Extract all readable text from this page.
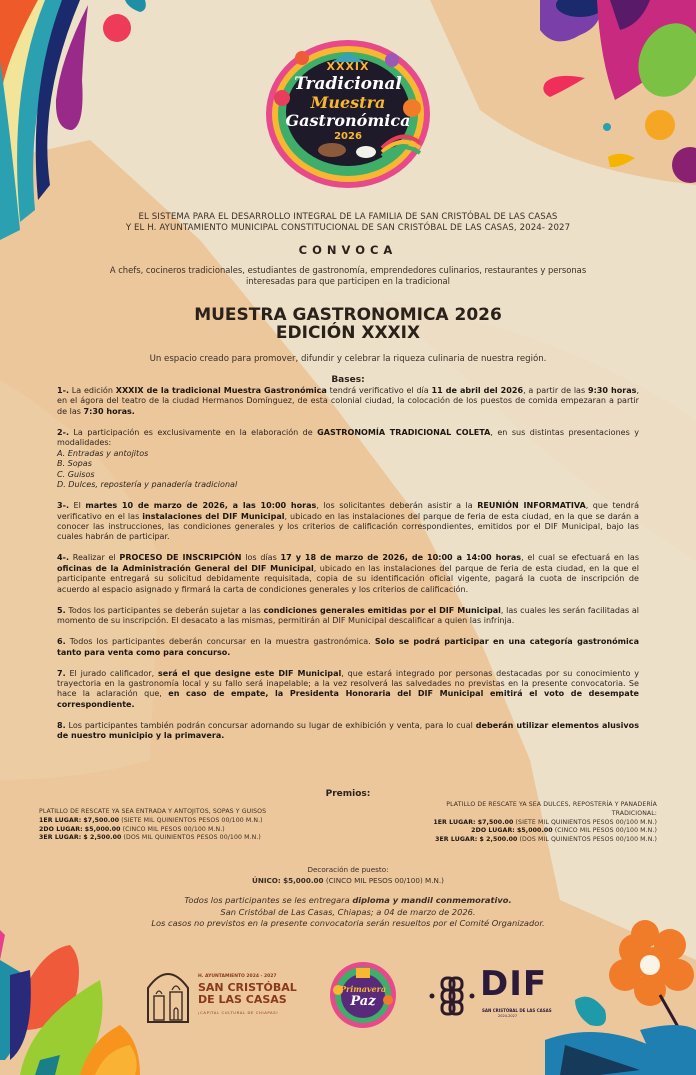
XXXIX
Tradicional
Muestra
Gastronómica
2026
EL SISTEMA PARA EL DESARROLLO INTEGRAL DE LA FAMILIA DE SAN CRISTÓBAL DE LAS CASAS
Y EL H. AYUNTAMIENTO MUNICIPAL CONSTITUCIONAL DE SAN CRISTÓBAL DE LAS CASAS, 2024- 2027
CONVOCA
A chefs, cocineros tradicionales, estudiantes de gastronomía, emprendedores culinarios, restaurantes y personas
interesadas para que participen en la tradicional
MUESTRA GASTRONOMICA 2026
EDICIÓN XXXIX
Un espacio creado para promover, difundir y celebrar la riqueza culinaria de nuestra región.
Bases:

1-. La edición XXXIX de la tradicional Muestra Gastronómica tendrá verificativo el día 11 de abril del 2026, a partir de las 9:30 horas, en el ágora del teatro de la ciudad Hermanos Domínguez, de esta colonial ciudad, la colocación de los puestos de comida empezaran a partir de las 7:30 horas.

2-. La participación es exclusivamente en la elaboración de GASTRONOMÍA TRADICIONAL COLETA, en sus distintas presentaciones y modalidades:
A. Entradas y antojitos
B. Sopas
C. Guisos
D. Dulces, repostería y panadería tradicional

3-. El martes 10 de marzo de 2026, a las 10:00 horas, los solicitantes deberán asistir a la REUNIÓN INFORMATIVA, que tendrá verificativo en el las instalaciones del DIF Municipal, ubicado en las instalaciones del parque de feria de esta ciudad, en la que se darán a conocer las instrucciones, las condiciones generales y los criterios de calificación correspondientes, emitidos por el DIF Municipal, bajo las cuales habrán de participar.

4-. Realizar el PROCESO DE INSCRIPCIÓN los días 17 y 18 de marzo de 2026, de 10:00 a 14:00 horas, el cual se efectuará en las oficinas de la Administración General del DIF Municipal, ubicado en las instalaciones del parque de feria de esta ciudad, en la que el participante entregará su solicitud debidamente requisitada, copia de su identificación oficial vigente, pagará la cuota de inscripción de acuerdo al espacio asignado y firmará la carta de condiciones generales y los criterios de calificación.

5. Todos los participantes se deberán sujetar a las condiciones generales emitidas por el DIF Municipal, las cuales les serán facilitadas al momento de su inscripción. El desacato a las mismas, permitirán al DIF Municipal descalificar a quien las infrinja.

6. Todos los participantes deberán concursar en la muestra gastronómica. Solo se podrá participar en una categoría gastronómica tanto para venta como para concurso.

7. El jurado calificador, será el que designe este DIF Municipal, que estará integrado por personas destacadas por su conocimiento y trayectoria en la gastronomía local y su fallo será inapelable; a la vez resolverá las salvedades no previstas en la presente convocatoria. Se hace la aclaración que, en caso de empate, la Presidenta Honoraria del DIF Municipal emitirá el voto de desempate correspondiente.

8. Los participantes también podrán concursar adornando su lugar de exhibición y venta, para lo cual deberán utilizar elementos alusivos de nuestro municipio y la primavera.

Premios:
PLATILLO DE RESCATE YA SEA ENTRADA Y ANTOJITOS, SOPAS Y GUISOS
1ER LUGAR: $7,500.00 (SIETE MIL QUINIENTOS PESOS 00/100 M.N.)
2DO LUGAR: $5,000.00 (CINCO MIL PESOS 00/100 M.N.)
3ER LUGAR: $ 2,500.00 (DOS MIL QUINIENTOS PESOS 00/100 M.N.)
PLATILLO DE RESCATE YA SEA DULCES, REPOSTERÍA Y PANADERÍA
TRADICIONAL:
1ER LUGAR: $7,500.00 (SIETE MIL QUINIENTOS PESOS 00/100 M.N.)
2DO LUGAR: $5,000.00 (CINCO MIL PESOS 00/100 M.N.)
3ER LUGAR: $ 2,500.00 (DOS MIL QUINIENTOS PESOS 00/100 M.N.)
Decoración de puesto:
ÚNICO: $5,000.00 (CINCO MIL PESOS 00/100) M.N.)
Todos los participantes se les entregara diploma y mandil conmemorativo.
San Cristóbal de Las Casas, Chiapas; a 04 de marzo de 2026.
Los casos no previstos en la presente convocatoria serán resueltos por el Comité Organizador.
H. AYUNTAMIENTO 2024 - 2027
SAN CRISTÓBAL
DE LAS CASAS
¡CAPITAL CULTURAL DE CHIAPAS!
Primavera
Paz	DIF
SAN CRISTÓBAL DE LAS CASAS
2024-2027
